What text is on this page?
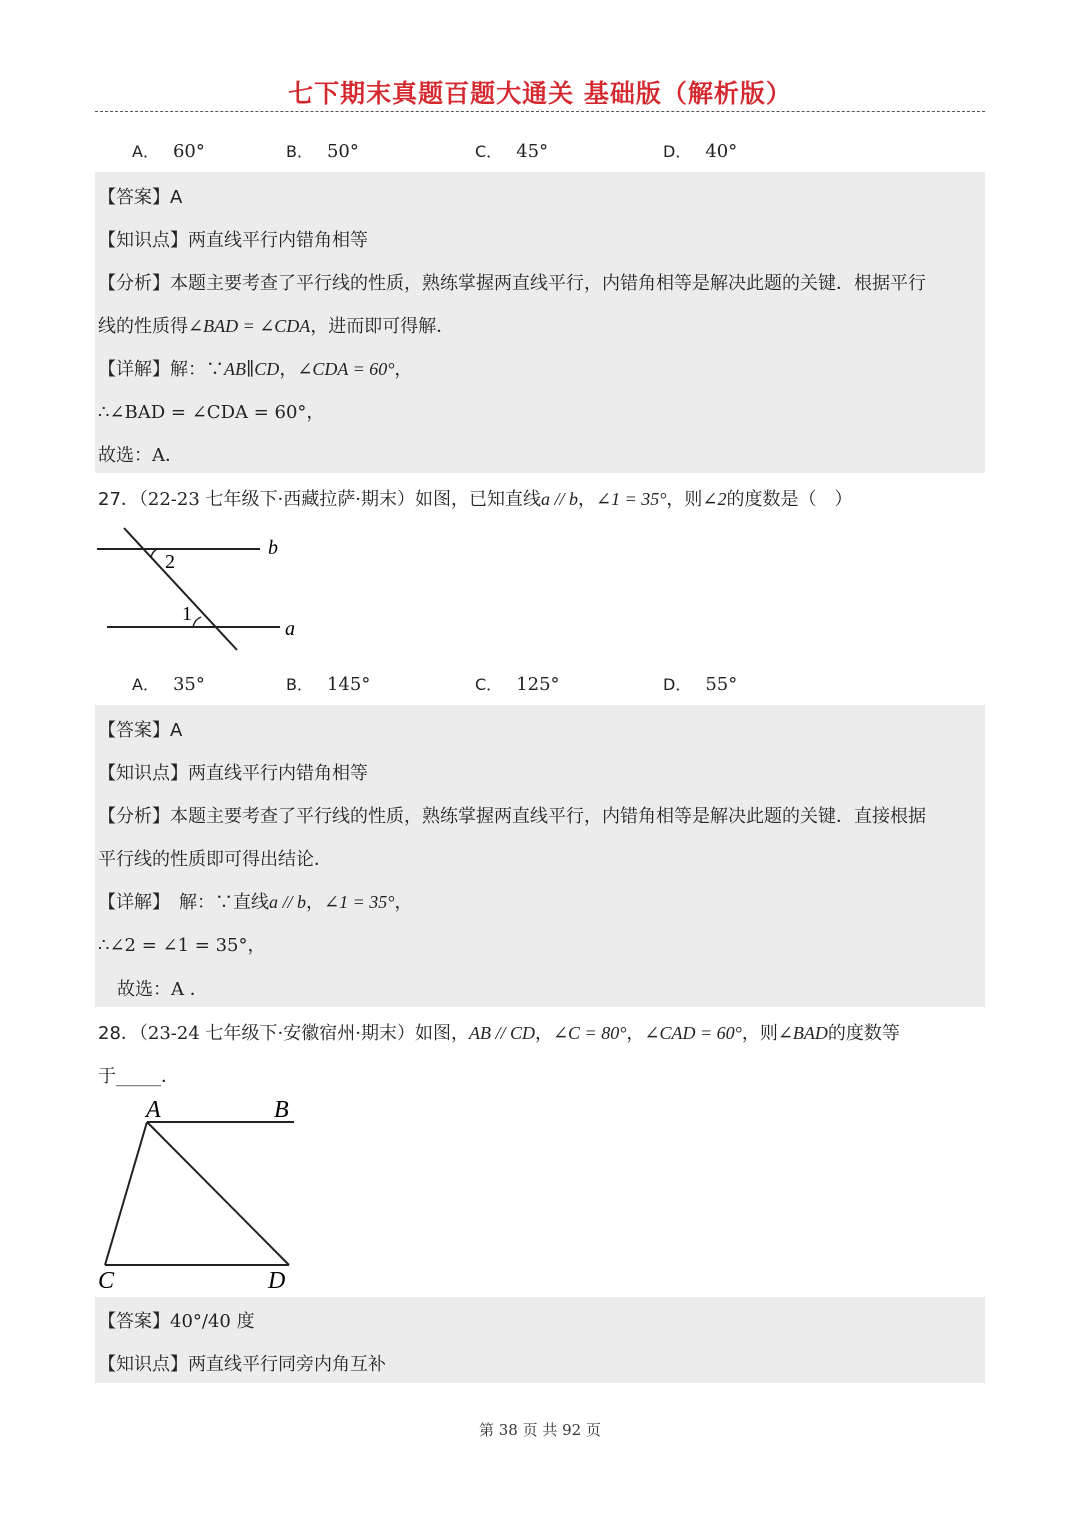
七下期末真题百题大通关 基础版（解析版）
A． 60°	B． 50°	C． 45°	D． 40°
【答案】A
【知识点】两直线平行内错角相等
【分析】本题主要考查了平行线的性质，熟练掌握两直线平行，内错角相等是解决此题的关键．根据平行
线的性质得∠BAD = ∠CDA，进而即可得解．
【详解】解：∵AB∥CD，∠CDA = 60°，
∴∠BAD = ∠CDA = 60°，
故选：A．
27．（22-23 七年级下·西藏拉萨·期末）如图，已知直线a // b，∠1 = 35°，则∠2的度数是（　）
2
1
b
a
A． 35°	B． 145°	C． 125°	D． 55°
【答案】A
【知识点】两直线平行内错角相等
【分析】本题主要考查了平行线的性质，熟练掌握两直线平行，内错角相等是解决此题的关键．直接根据
平行线的性质即可得出结论．
【详解】　解：∵直线a // b，∠1 = 35°，
∴∠2 = ∠1 = 35°，
故选：A ．
28．（23-24 七年级下·安徽宿州·期末）如图，AB // CD，∠C = 80°，∠CAD = 60°，则∠BAD的度数等
于_____．
A	B
C	D
【答案】40°/40 度
【知识点】两直线平行同旁内角互补
第 38 页 共 92 页
